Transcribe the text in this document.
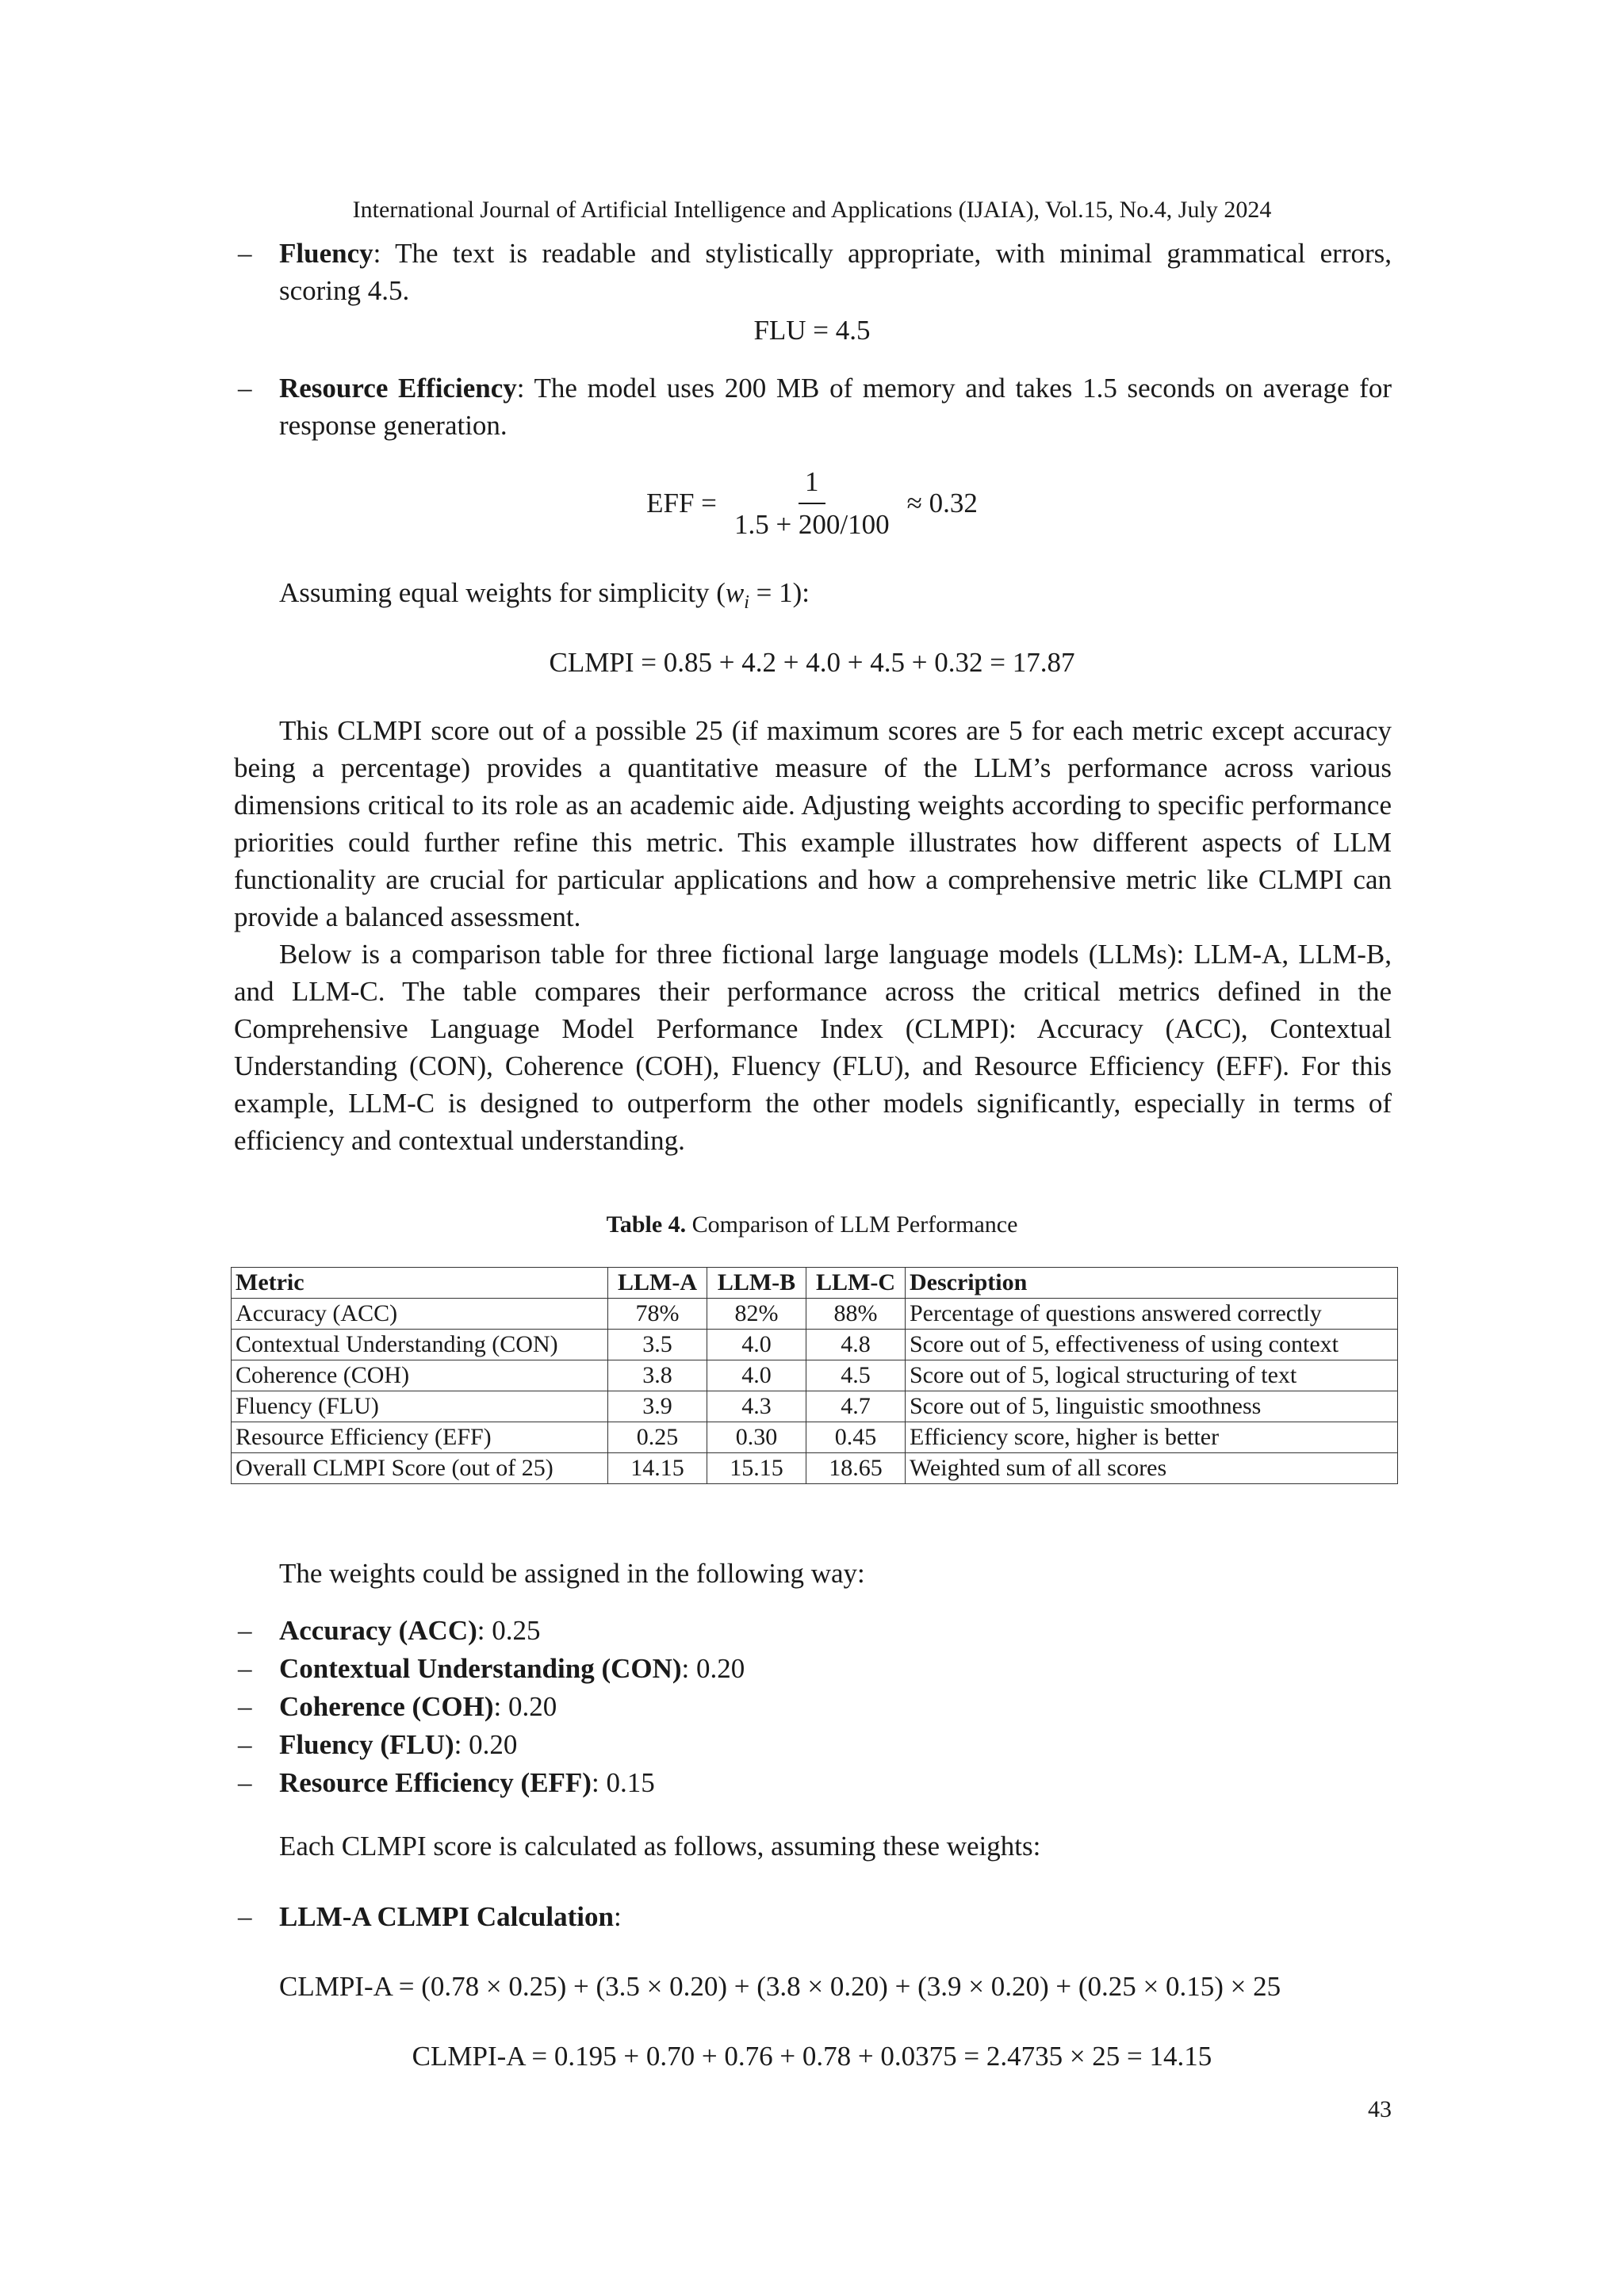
International Journal of Artificial Intelligence and Applications (IJAIA), Vol.15, No.4, July 2024
– Fluency: The text is readable and stylistically appropriate, with minimal grammatical errors, scoring 4.5.
FLU = 4.5
– Resource Efficiency: The model uses 200 MB of memory and takes 1.5 seconds on average for response generation.
EFF = $\frac{1}{1.5 + 200/100} \approx 0.32$
Assuming equal weights for simplicity $(w_i = 1)$:
CLMPI = 0.85 + 4.2 + 4.0 + 4.5 + 0.32 = 17.87

This CLMPI score out of a possible 25 (if maximum scores are 5 for each metric except accuracy being a percentage) provides a quantitative measure of the LLM’s performance across various dimensions critical to its role as an academic aide. Adjusting weights according to specific performance priorities could further refine this metric. This example illustrates how different aspects of LLM functionality are crucial for particular applications and how a comprehensive metric like CLMPI can provide a balanced assessment.

Below is a comparison table for three fictional large language models (LLMs): LLM-A, LLM-B, and LLM-C. The table compares their performance across the critical metrics defined in the Comprehensive Language Model Performance Index (CLMPI): Accuracy (ACC), Contextual Understanding (CON), Coherence (COH), Fluency (FLU), and Resource Efficiency (EFF). For this example, LLM-C is designed to outperform the other models significantly, especially in terms of efficiency and contextual understanding.

Table 4. Comparison of LLM Performance
Metric	LLM-A	LLM-B	LLM-C	Description
Accuracy (ACC)	78%	82%	88%	Percentage of questions answered correctly
Contextual Understanding (CON)	3.5	4.0	4.8	Score out of 5, effectiveness of using context
Coherence (COH)	3.8	4.0	4.5	Score out of 5, logical structuring of text
Fluency (FLU)	3.9	4.3	4.7	Score out of 5, linguistic smoothness
Resource Efficiency (EFF)	0.25	0.30	0.45	Efficiency score, higher is better
Overall CLMPI Score (out of 25)	14.15	15.15	18.65	Weighted sum of all scores
The weights could be assigned in the following way:
– Accuracy (ACC): 0.25
– Contextual Understanding (CON): 0.20
– Coherence (COH): 0.20
– Fluency (FLU): 0.20
– Resource Efficiency (EFF): 0.15
Each CLMPI score is calculated as follows, assuming these weights:
– LLM-A CLMPI Calculation:
CLMPI-A = (0.78 × 0.25) + (3.5 × 0.20) + (3.8 × 0.20) + (3.9 × 0.20) + (0.25 × 0.15) × 25
CLMPI-A = 0.195 + 0.70 + 0.76 + 0.78 + 0.0375 = 2.4735 × 25 = 14.15
43
